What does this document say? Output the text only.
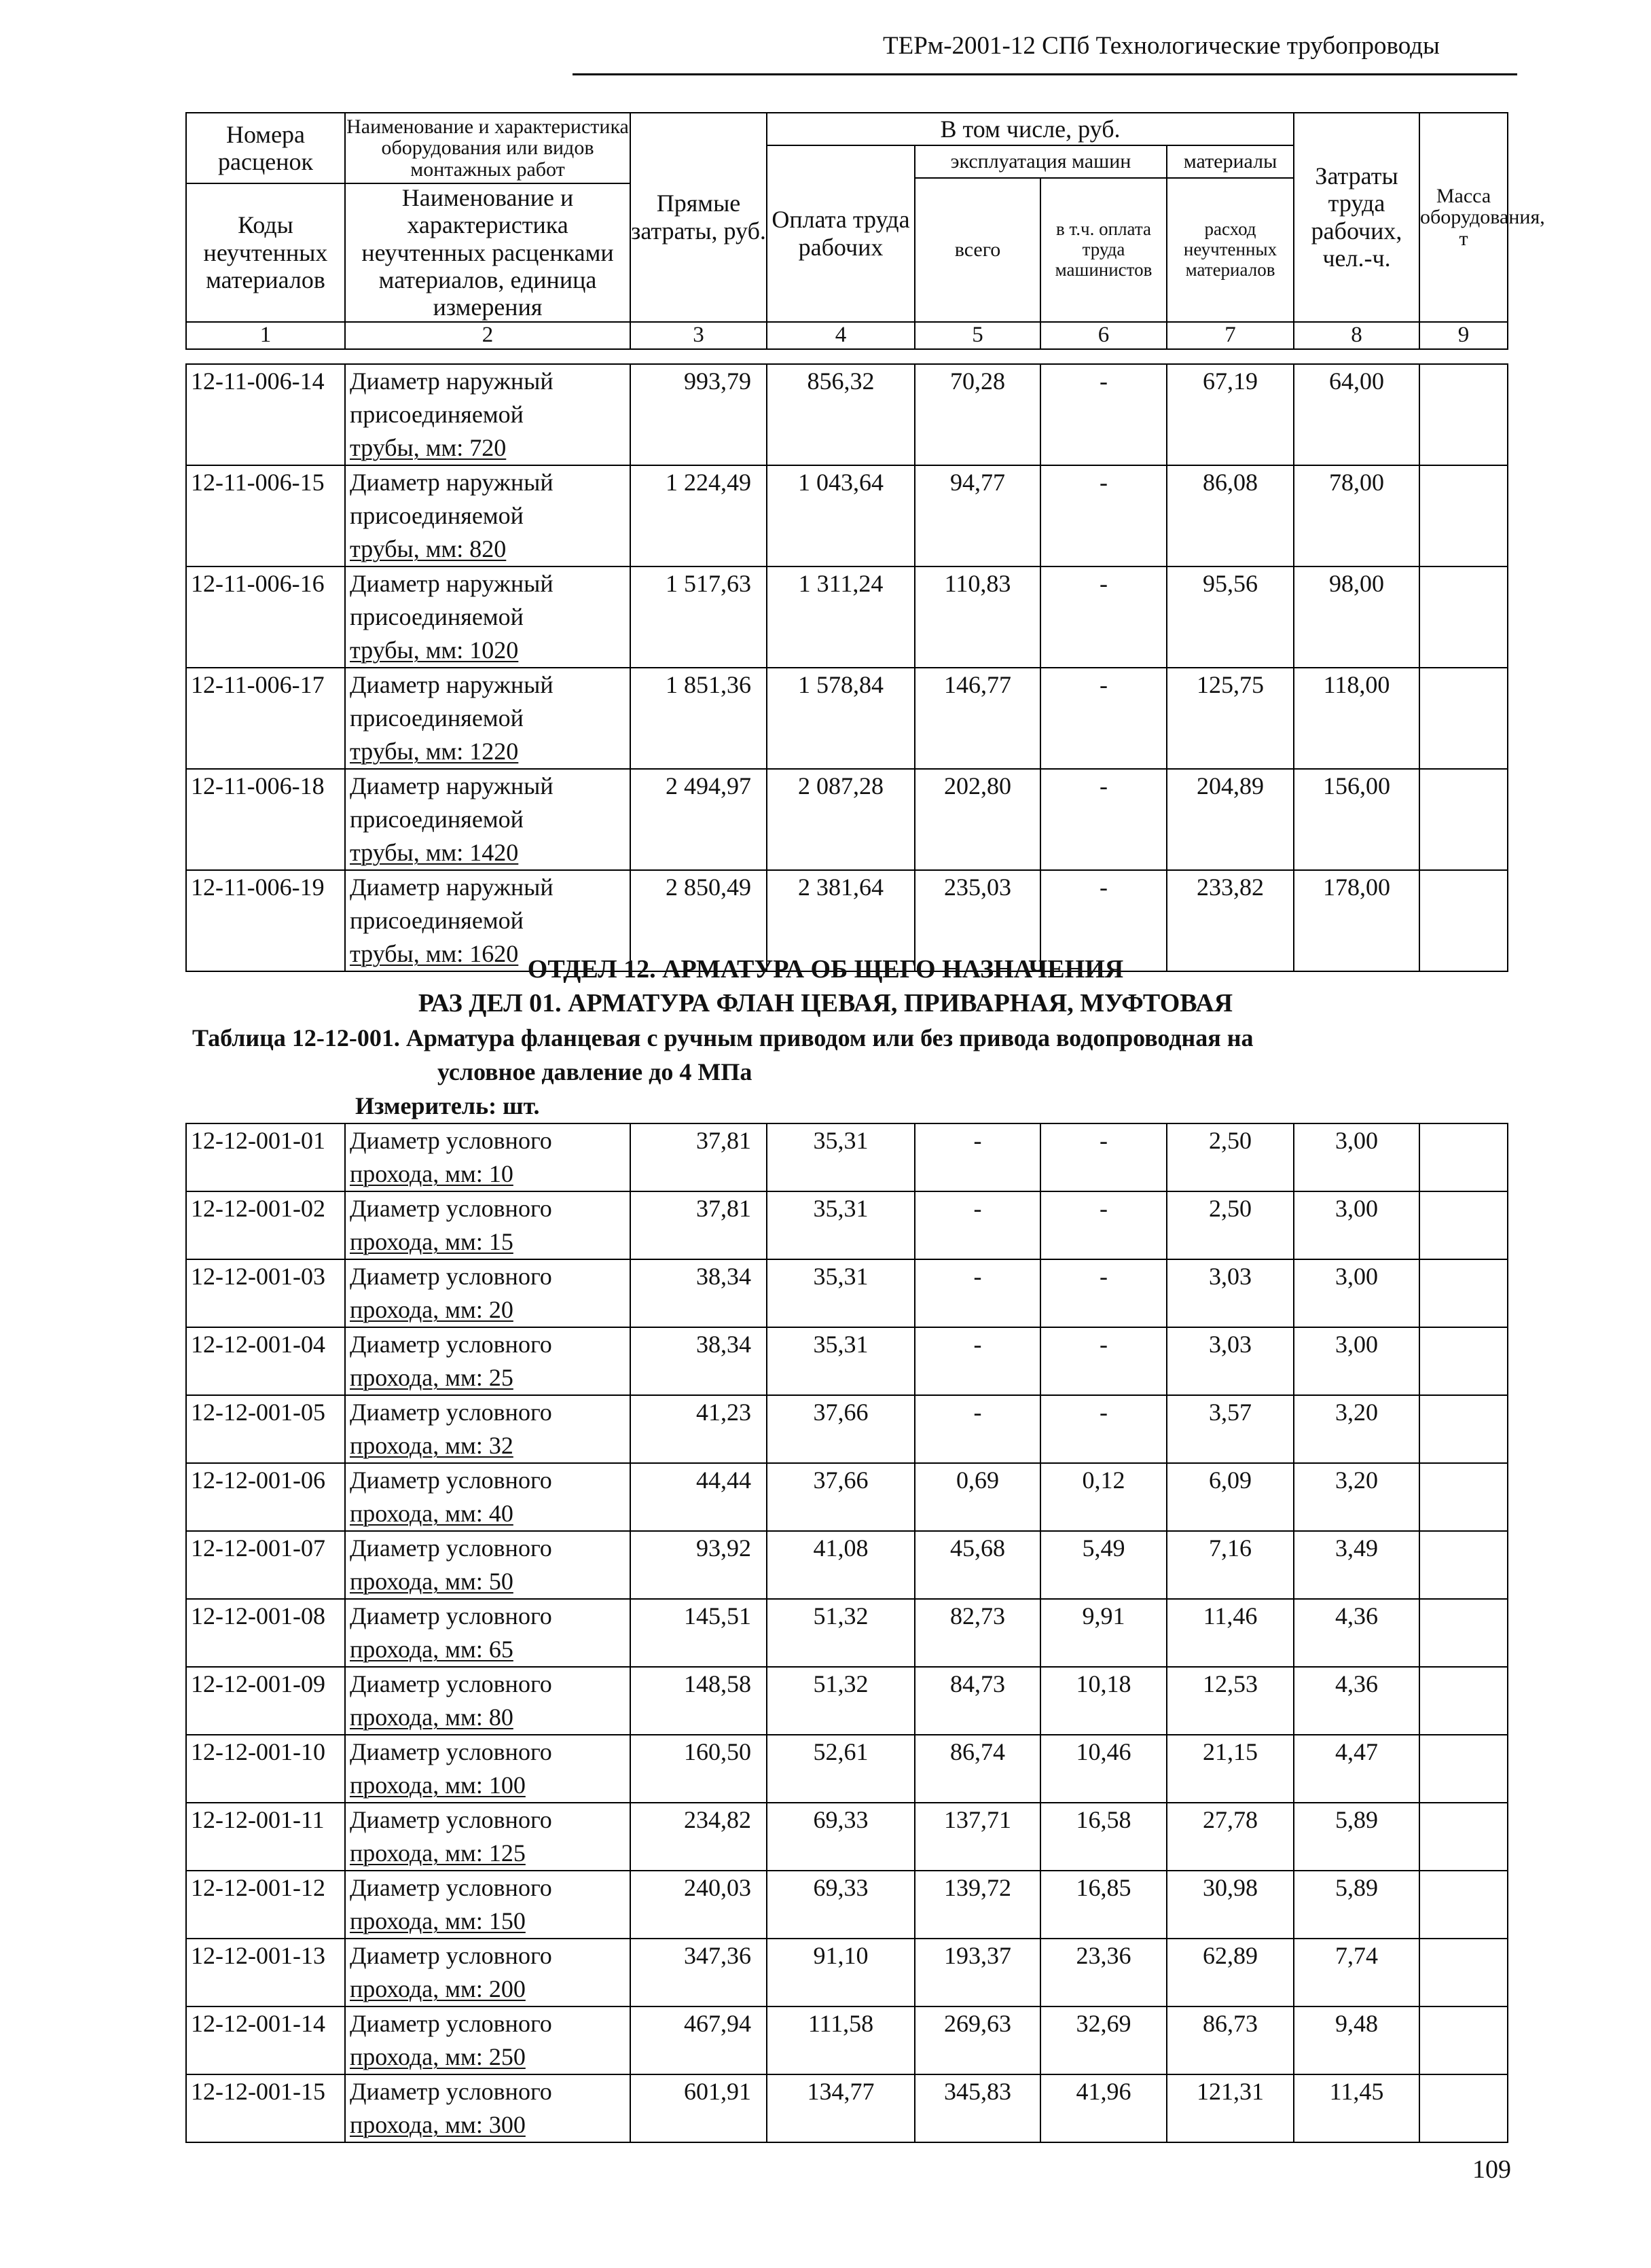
ТЕРм-2001-12 СПб Технологические трубопроводы
Номера расценок	Наименование и характеристика оборудования или видов монтажных работ	Прямые затраты, руб.	В том числе, руб.				Затраты труда рабочих, чел.-ч.	Масса оборудования, т
			Оплата труда рабочих	эксплуатация машин		материалы		
				всего	в т.ч. оплата труда машинистов	расход неучтенных материалов		
Коды неучтенных материалов	Наименование и характеристика неучтенных расценками материалов, единица измерения							

1	2	3	4	5	6	7	8	9
12-11-006-14	Диаметр наружный
присоединяемой
трубы, мм: 720	993,79	856,32	70,28	-	67,19	64,00	
12-11-006-15	Диаметр наружный
присоединяемой
трубы, мм: 820	1 224,49	1 043,64	94,77	-	86,08	78,00	
12-11-006-16	Диаметр наружный
присоединяемой
трубы, мм: 1020	1 517,63	1 311,24	110,83	-	95,56	98,00	
12-11-006-17	Диаметр наружный
присоединяемой
трубы, мм: 1220	1 851,36	1 578,84	146,77	-	125,75	118,00	
12-11-006-18	Диаметр наружный
присоединяемой
трубы, мм: 1420	2 494,97	2 087,28	202,80	-	204,89	156,00	
12-11-006-19	Диаметр наружный
присоединяемой
трубы, мм: 1620	2 850,49	2 381,64	235,03	-	233,82	178,00	
ОТДЕЛ 12. АРМАТУРА ОБ ЩЕГО НАЗНАЧЕНИЯ
РАЗ ДЕЛ 01. АРМАТУРА ФЛАН ЦЕВАЯ, ПРИВАРНАЯ, МУФТОВАЯ
Таблица 12-12-001. Арматура фланцевая с ручным приводом или без привода водопроводная на
условное давление до 4 МПа
Измеритель: шт.
12-12-001-01	Диаметр условного
прохода, мм: 10	37,81	35,31	-	-	2,50	3,00	
12-12-001-02	Диаметр условного
прохода, мм: 15	37,81	35,31	-	-	2,50	3,00	
12-12-001-03	Диаметр условного
прохода, мм: 20	38,34	35,31	-	-	3,03	3,00	
12-12-001-04	Диаметр условного
прохода, мм: 25	38,34	35,31	-	-	3,03	3,00	
12-12-001-05	Диаметр условного
прохода, мм: 32	41,23	37,66	-	-	3,57	3,20	
12-12-001-06	Диаметр условного
прохода, мм: 40	44,44	37,66	0,69	0,12	6,09	3,20	
12-12-001-07	Диаметр условного
прохода, мм: 50	93,92	41,08	45,68	5,49	7,16	3,49	
12-12-001-08	Диаметр условного
прохода, мм: 65	145,51	51,32	82,73	9,91	11,46	4,36	
12-12-001-09	Диаметр условного
прохода, мм: 80	148,58	51,32	84,73	10,18	12,53	4,36	
12-12-001-10	Диаметр условного
прохода, мм: 100	160,50	52,61	86,74	10,46	21,15	4,47	
12-12-001-11	Диаметр условного
прохода, мм: 125	234,82	69,33	137,71	16,58	27,78	5,89	
12-12-001-12	Диаметр условного
прохода, мм: 150	240,03	69,33	139,72	16,85	30,98	5,89	
12-12-001-13	Диаметр условного
прохода, мм: 200	347,36	91,10	193,37	23,36	62,89	7,74	
12-12-001-14	Диаметр условного
прохода, мм: 250	467,94	111,58	269,63	32,69	86,73	9,48	
12-12-001-15	Диаметр условного
прохода, мм: 300	601,91	134,77	345,83	41,96	121,31	11,45	
109
